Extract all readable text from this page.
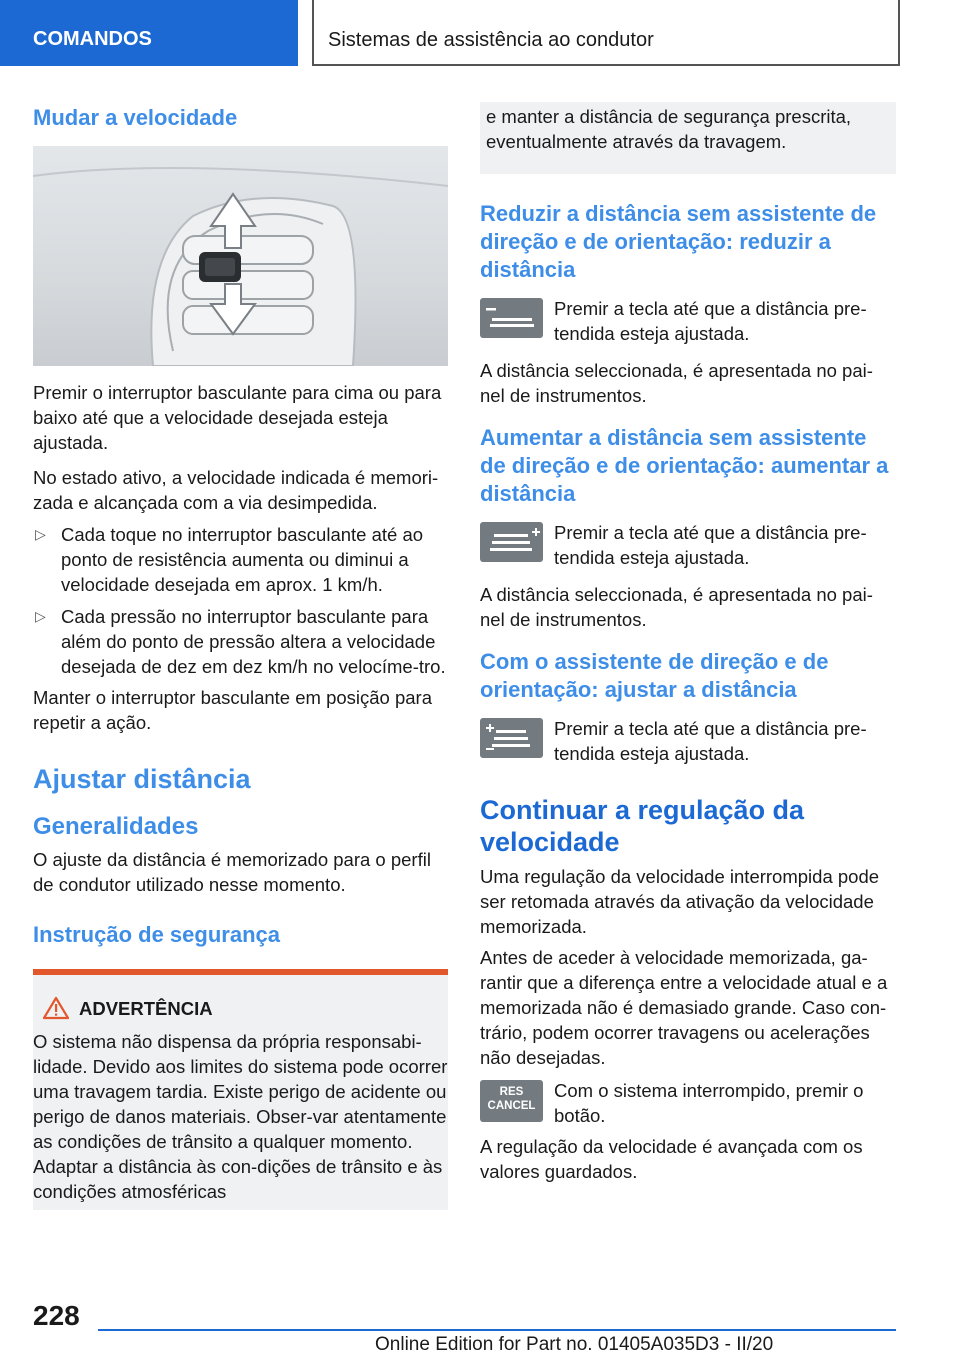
COMANDOS	Sistemas de assistência ao condutor
Mudar a velocidade

Premir o interruptor basculante para cima ou para baixo até que a velocidade desejada esteja ajustada.

No estado ativo, a velocidade indicada é memori-zada e alcançada com a via desimpedida.

▷ Cada toque no interruptor basculante até ao ponto de resistência aumenta ou diminui a velocidade desejada em aprox. 1 km/h.
▷ Cada pressão no interruptor basculante para além do ponto de pressão altera a velocidade desejada de dez em dez km/h no velocíme-tro.

Manter o interruptor basculante em posição para repetir a ação.

Ajustar distância
Generalidades

O ajuste da distância é memorizado para o perfil de condutor utilizado nesse momento.

Instrução de segurança
ADVERTÊNCIA

O sistema não dispensa da própria responsabi-lidade. Devido aos limites do sistema pode ocorrer uma travagem tardia. Existe perigo de acidente ou perigo de danos materiais. Obser-var atentamente as condições de trânsito a qualquer momento. Adaptar a distância às con-dições de trânsito e às condições atmosféricas

e manter a distância de segurança prescrita, eventualmente através da travagem.

Reduzir a distância sem assistente de direção e de orientação: reduzir a distância

Premir a tecla até que a distância pre-tendida esteja ajustada.

A distância seleccionada, é apresentada no pai-nel de instrumentos.

Aumentar a distância sem assistente de direção e de orientação: aumentar a distância

Premir a tecla até que a distância pre-tendida esteja ajustada.

A distância seleccionada, é apresentada no pai-nel de instrumentos.

Com o assistente de direção e de orientação: ajustar a distância

Premir a tecla até que a distância pre-tendida esteja ajustada.

Continuar a regulação da velocidade

Uma regulação da velocidade interrompida pode ser retomada através da ativação da velocidade memorizada.

Antes de aceder à velocidade memorizada, ga-rantir que a diferença entre a velocidade atual e a memorizada não é demasiado grande. Caso con-trário, podem ocorrer travagens ou acelerações não desejadas.

RES
CANCEL

Com o sistema interrompido, premir o botão.

A regulação da velocidade é avançada com os valores guardados.

228
Online Edition for Part no. 01405A035D3 - II/20
